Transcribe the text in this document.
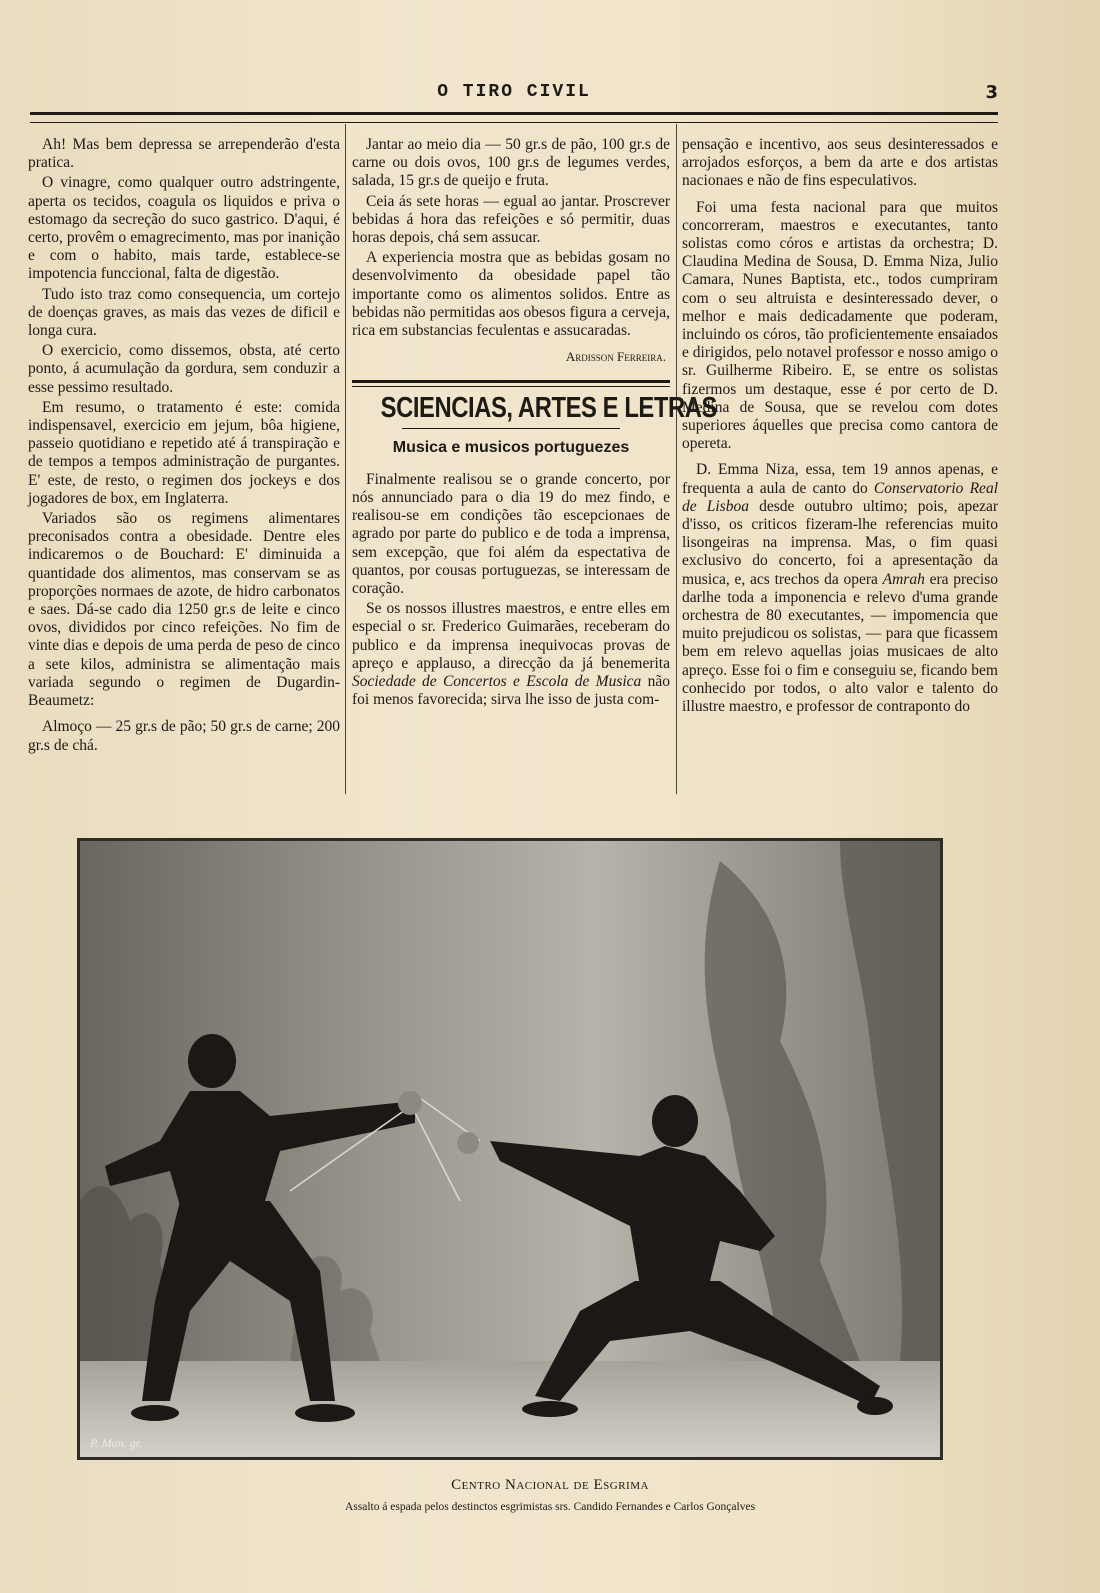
O TIRO CIVIL	3

Ah! Mas bem depressa se arrependerão d'esta pratica.

O vinagre, como qualquer outro adstringente, aperta os tecidos, coagula os liquidos e priva o estomago da secreção do suco gastrico. D'aqui, é certo, provêm o emagrecimento, mas por inanição e com o habito, mais tarde, establece-se impotencia funccional, falta de digestão.

Tudo isto traz como consequencia, um cortejo de doenças graves, as mais das vezes de dificil e longa cura.

O exercicio, como dissemos, obsta, até certo ponto, á acumulação da gordura, sem conduzir a esse pessimo resultado.

Em resumo, o tratamento é este: comida indispensavel, exercicio em jejum, bôa higiene, passeio quotidiano e repetido até á transpiração e de tempos a tempos administração de purgantes. E' este, de resto, o regimen dos jockeys e dos jogadores de box, em Inglaterra.

Variados são os regimens alimentares preconisados contra a obesidade. Dentre eles indicaremos o de Bouchard: E' diminuida a quantidade dos alimentos, mas conservam se as proporções normaes de azote, de hidro carbonatos e saes. Dá-se cado dia 1250 gr.s de leite e cinco ovos, divididos por cinco refeições. No fim de vinte dias e depois de uma perda de peso de cinco a sete kilos, administra se alimentação mais variada segundo o regimen de Dugardin-Beaumetz:

Almoço — 25 gr.s de pão; 50 gr.s de carne; 200 gr.s de chá.

Jantar ao meio dia — 50 gr.s de pão, 100 gr.s de carne ou dois ovos, 100 gr.s de legumes verdes, salada, 15 gr.s de queijo e fruta.

Ceia ás sete horas — egual ao jantar. Proscrever bebidas á hora das refeições e só permitir, duas horas depois, chá sem assucar.

A experiencia mostra que as bebidas gosam no desenvolvimento da obesidade papel tão importante como os alimentos solidos. Entre as bebidas não permitidas aos obesos figura a cerveja, rica em substancias feculentas e assucaradas.

Ardisson Ferreira.
SCIENCIAS, ARTES E LETRAS
Musica e musicos portuguezes

Finalmente realisou se o grande concerto, por nós annunciado para o dia 19 do mez findo, e realisou-se em condições tão escepcionaes de agrado por parte do publico e de toda a imprensa, sem excepção, que foi além da espectativa de quantos, por cousas portuguezas, se interessam de coração.

Se os nossos illustres maestros, e entre elles em especial o sr. Frederico Guimarães, receberam do publico e da imprensa inequivocas provas de apreço e applauso, a direcção da já benemerita Sociedade de Concertos e Escola de Musica não foi menos favorecida; sirva lhe isso de justa com-

pensação e incentivo, aos seus desinteressados e arrojados esforços, a bem da arte e dos artistas nacionaes e não de fins especulativos.

Foi uma festa nacional para que muitos concorreram, maestros e executantes, tanto solistas como córos e artistas da orchestra; D. Claudina Medina de Sousa, D. Emma Niza, Julio Camara, Nunes Baptista, etc., todos cumpriram com o seu altruista e desinteressado dever, o melhor e mais dedicadamente que poderam, incluindo os córos, tão proficientemente ensaiados e dirigidos, pelo notavel professor e nosso amigo o sr. Guilherme Ribeiro. E, se entre os solistas fizermos um destaque, esse é por certo de D. Medina de Sousa, que se revelou com dotes superiores áquelles que precisa como cantora de opereta.

D. Emma Niza, essa, tem 19 annos apenas, e frequenta a aula de canto do Conservatorio Real de Lisboa desde outubro ultimo; pois, apezar d'isso, os criticos fizeram-lhe referencias muito lisongeiras na imprensa. Mas, o fim quasi exclusivo do concerto, foi a apresentação da musica, e, acs trechos da opera Amrah era preciso darlhe toda a imponencia e relevo d'uma grande orchestra de 80 executantes, — impomencia que muito prejudicou os solistas, — para que ficassem bem em relevo aquellas joias musicaes de alto apreço. Esse foi o fim e conseguiu se, ficando bem conhecido por todos, o alto valor e talento do illustre maestro, e professor de contraponto do

P. Man. gr.
Centro Nacional de Esgrima
Assalto á espada pelos destinctos esgrimistas srs. Candido Fernandes e Carlos Gonçalves
